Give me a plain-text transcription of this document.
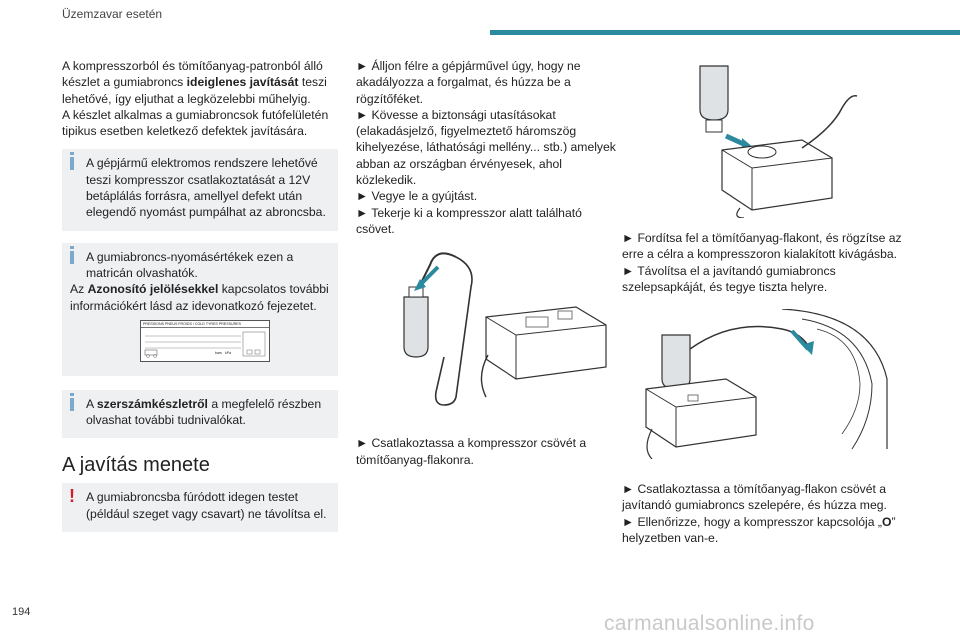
Üzemzavar esetén

A kompresszorból és tömítőanyag-patronból álló készlet a gumiabroncs ideiglenes javítását teszi lehetővé, így eljuthat a legközelebbi műhelyig.

A készlet alkalmas a gumiabroncsok futófelületén tipikus esetben keletkező defektek javítására.

A gépjármű elektromos rendszere lehetővé teszi kompresszor csatlakoztatását a 12V betáplálás forrásra, amellyel defekt után elegendő nyomást pumpálhat az abroncsba.

A gumiabroncs-nyomásértékek ezen a matricán olvashatók.

Az Azonosító jelölésekkel kapcsolatos további információkért lásd az idevonatkozó fejezetet.

PRESSIONS PNEUS FROIDS / COLD TYRES PRESSURES
bars kPa

A szerszámkészletről a megfelelő részben olvashat további tudnivalókat.

A javítás menete
! A gumiabroncsba fúródott idegen testet (például szeget vagy csavart) ne távolítsa el.

► Álljon félre a gépjárművel úgy, hogy ne akadályozza a forgalmat, és húzza be a rögzítőféket.

► Kövesse a biztonsági utasításokat (elakadásjelző, figyelmeztető háromszög kihelyezése, láthatósági mellény... stb.) amelyek abban az országban érvényesek, ahol közlekedik.

► Vegye le a gyújtást.

► Tekerje ki a kompresszor alatt található csövet.

► Csatlakoztassa a kompresszor csövét a tömítőanyag-flakonra.

► Fordítsa fel a tömítőanyag-flakont, és rögzítse az erre a célra a kompresszoron kialakított kivágásba.

► Távolítsa el a javítandó gumiabroncs szelepsapkáját, és tegye tiszta helyre.

► Csatlakoztassa a tömítőanyag-flakon csövét a javítandó gumiabroncs szelepére, és húzza meg.

► Ellenőrizze, hogy a kompresszor kapcsolója „O” helyzetben van-e.

194	carmanualsonline.info
